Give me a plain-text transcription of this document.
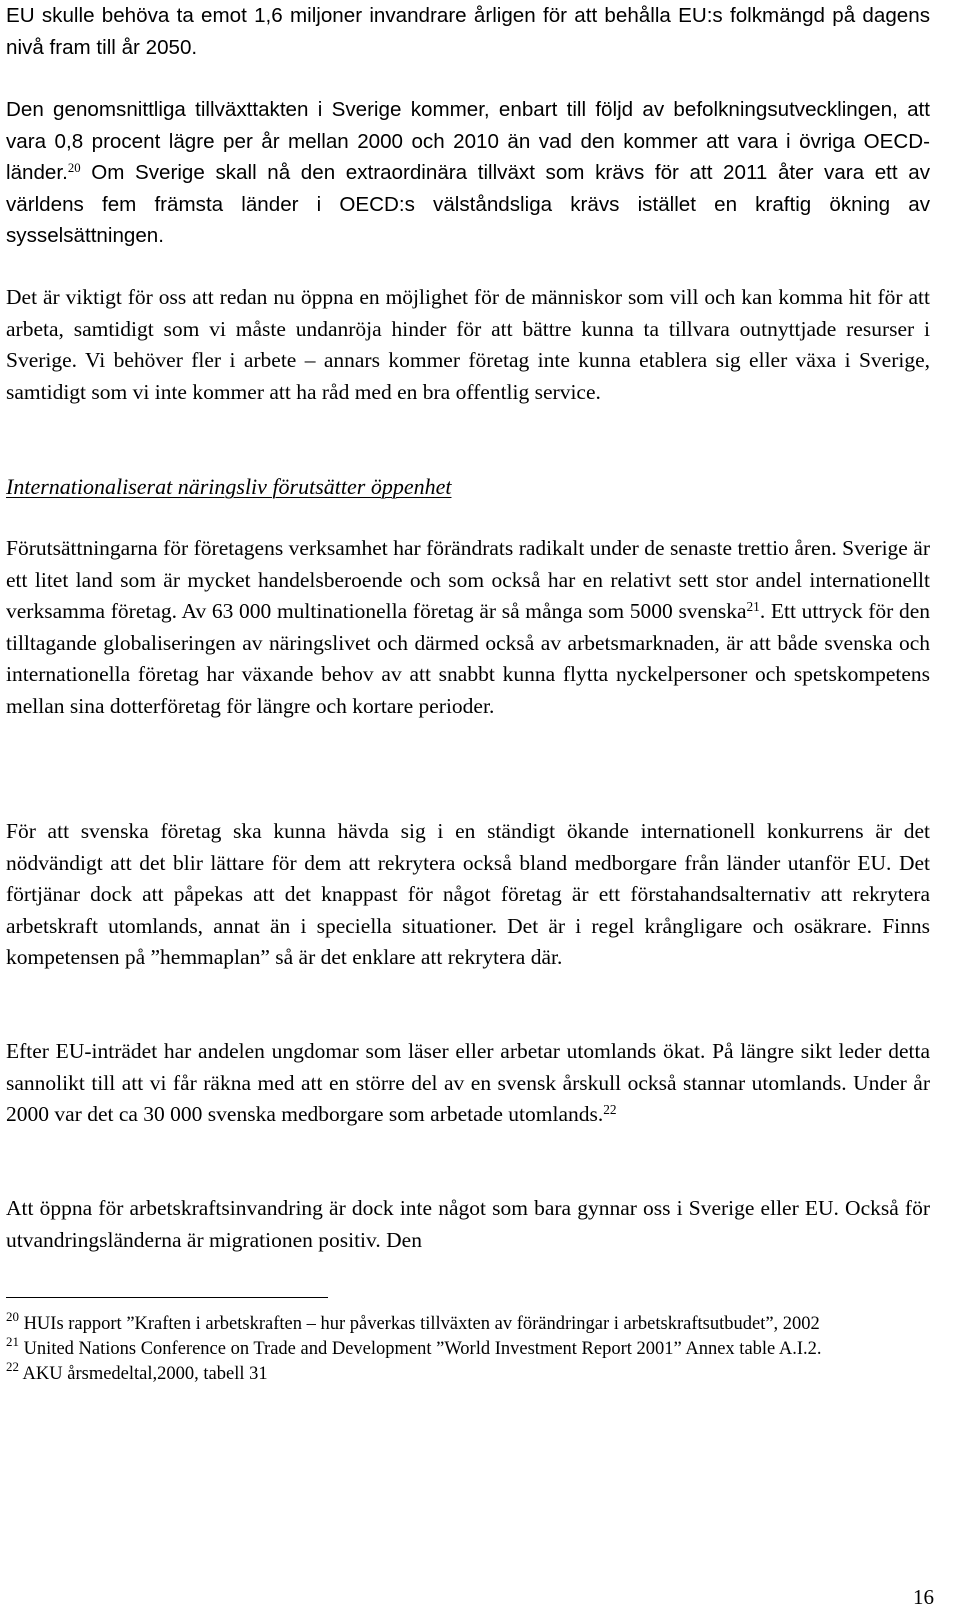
EU skulle behöva ta emot 1,6 miljoner invandrare årligen för att behålla EU:s folkmängd på dagens nivå fram till år 2050.

Den genomsnittliga tillväxttakten i Sverige kommer, enbart till följd av befolkningsutvecklingen, att vara 0,8 procent lägre per år mellan 2000 och 2010 än vad den kommer att vara i övriga OECD-länder.$^{20}$ Om Sverige skall nå den extraordinära tillväxt som krävs för att 2011 åter vara ett av världens fem främsta länder i OECD:s välståndsliga krävs istället en kraftig ökning av sysselsättningen.

Det är viktigt för oss att redan nu öppna en möjlighet för de människor som vill och kan komma hit för att arbeta, samtidigt som vi måste undanröja hinder för att bättre kunna ta tillvara outnyttjade resurser i Sverige. Vi behöver fler i arbete – annars kommer företag inte kunna etablera sig eller växa i Sverige, samtidigt som vi inte kommer att ha råd med en bra offentlig service.

Internationaliserat näringsliv förutsätter öppenhet

Förutsättningarna för företagens verksamhet har förändrats radikalt under de senaste trettio åren. Sverige är ett litet land som är mycket handelsberoende och som också har en relativt sett stor andel internationellt verksamma företag. Av 63 000 multinationella företag är så många som 5000 svenska$^{21}$. Ett uttryck för den tilltagande globaliseringen av näringslivet och därmed också av arbetsmarknaden, är att både svenska och internationella företag har växande behov av att snabbt kunna flytta nyckelpersoner och spetskompetens mellan sina dotterföretag för längre och kortare perioder.

För att svenska företag ska kunna hävda sig i en ständigt ökande internationell konkurrens är det nödvändigt att det blir lättare för dem att rekrytera också bland medborgare från länder utanför EU. Det förtjänar dock att påpekas att det knappast för något företag är ett förstahandsalternativ att rekrytera arbetskraft utomlands, annat än i speciella situationer. Det är i regel krångligare och osäkrare. Finns kompetensen på ”hemmaplan” så är det enklare att rekrytera där.

Efter EU-inträdet har andelen ungdomar som läser eller arbetar utomlands ökat. På längre sikt leder detta sannolikt till att vi får räkna med att en större del av en svensk årskull också stannar utomlands. Under år 2000 var det ca 30 000 svenska medborgare som arbetade utomlands.$^{22}$

Att öppna för arbetskraftsinvandring är dock inte något som bara gynnar oss i Sverige eller EU. Också för utvandringsländerna är migrationen positiv. Den

$^{20}$ HUIs rapport ”Kraften i arbetskraften – hur påverkas tillväxten av förändringar i arbetskraftsutbudet”, 2002

$^{21}$ United Nations Conference on Trade and Development ”World Investment Report 2001” Annex table A.I.2.

$^{22}$ AKU årsmedeltal,2000, tabell 31

16
